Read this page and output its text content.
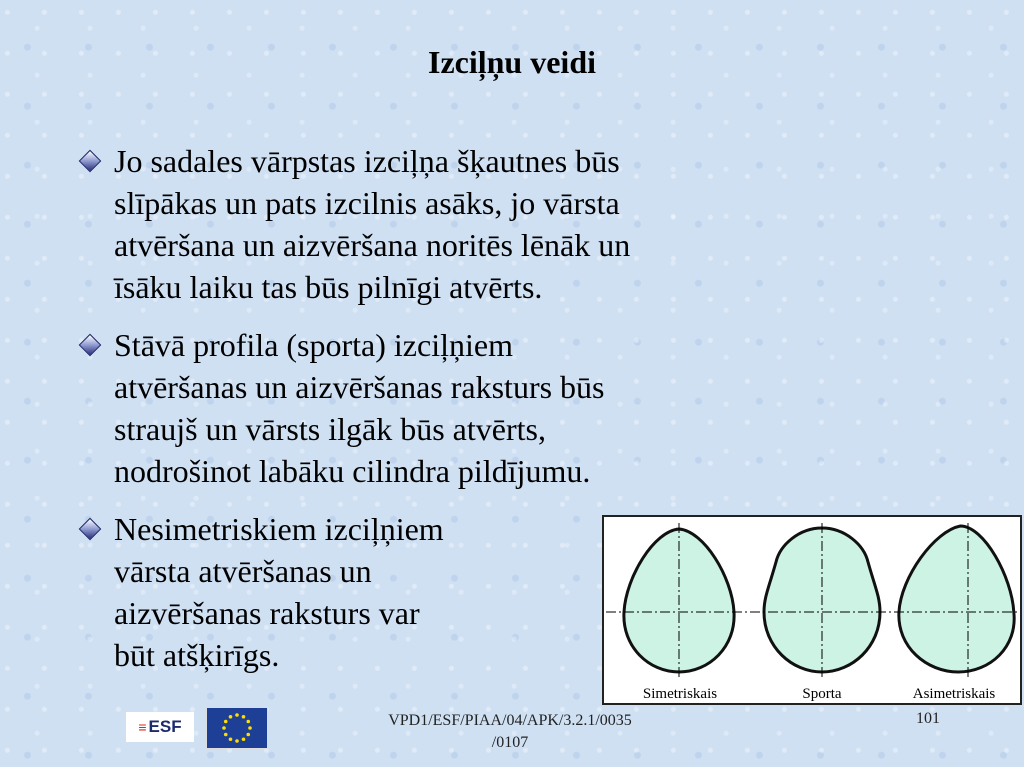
Izciļņu veidi
Jo sadales vārpstas izciļņa šķautnes būs
slīpākas un pats izcilnis asāks, jo vārsta
atvēršana un aizvēršana noritēs lēnāk un
īsāku laiku tas būs pilnīgi atvērts.
Stāvā profila (sporta) izciļņiem
atvēršanas un aizvēršanas raksturs būs
straujš un vārsts ilgāk būs atvērts,
nodrošinot labāku cilindra pildījumu.
Nesimetriskiem izciļņiem
vārsta atvēršanas un
aizvēršanas raksturs var
būt atšķirīgs.
Simetriskais	Sporta	Asimetriskais
≡ ESF	VPD1/ESF/PIAA/04/APK/3.2.1/0035
/0107
101
